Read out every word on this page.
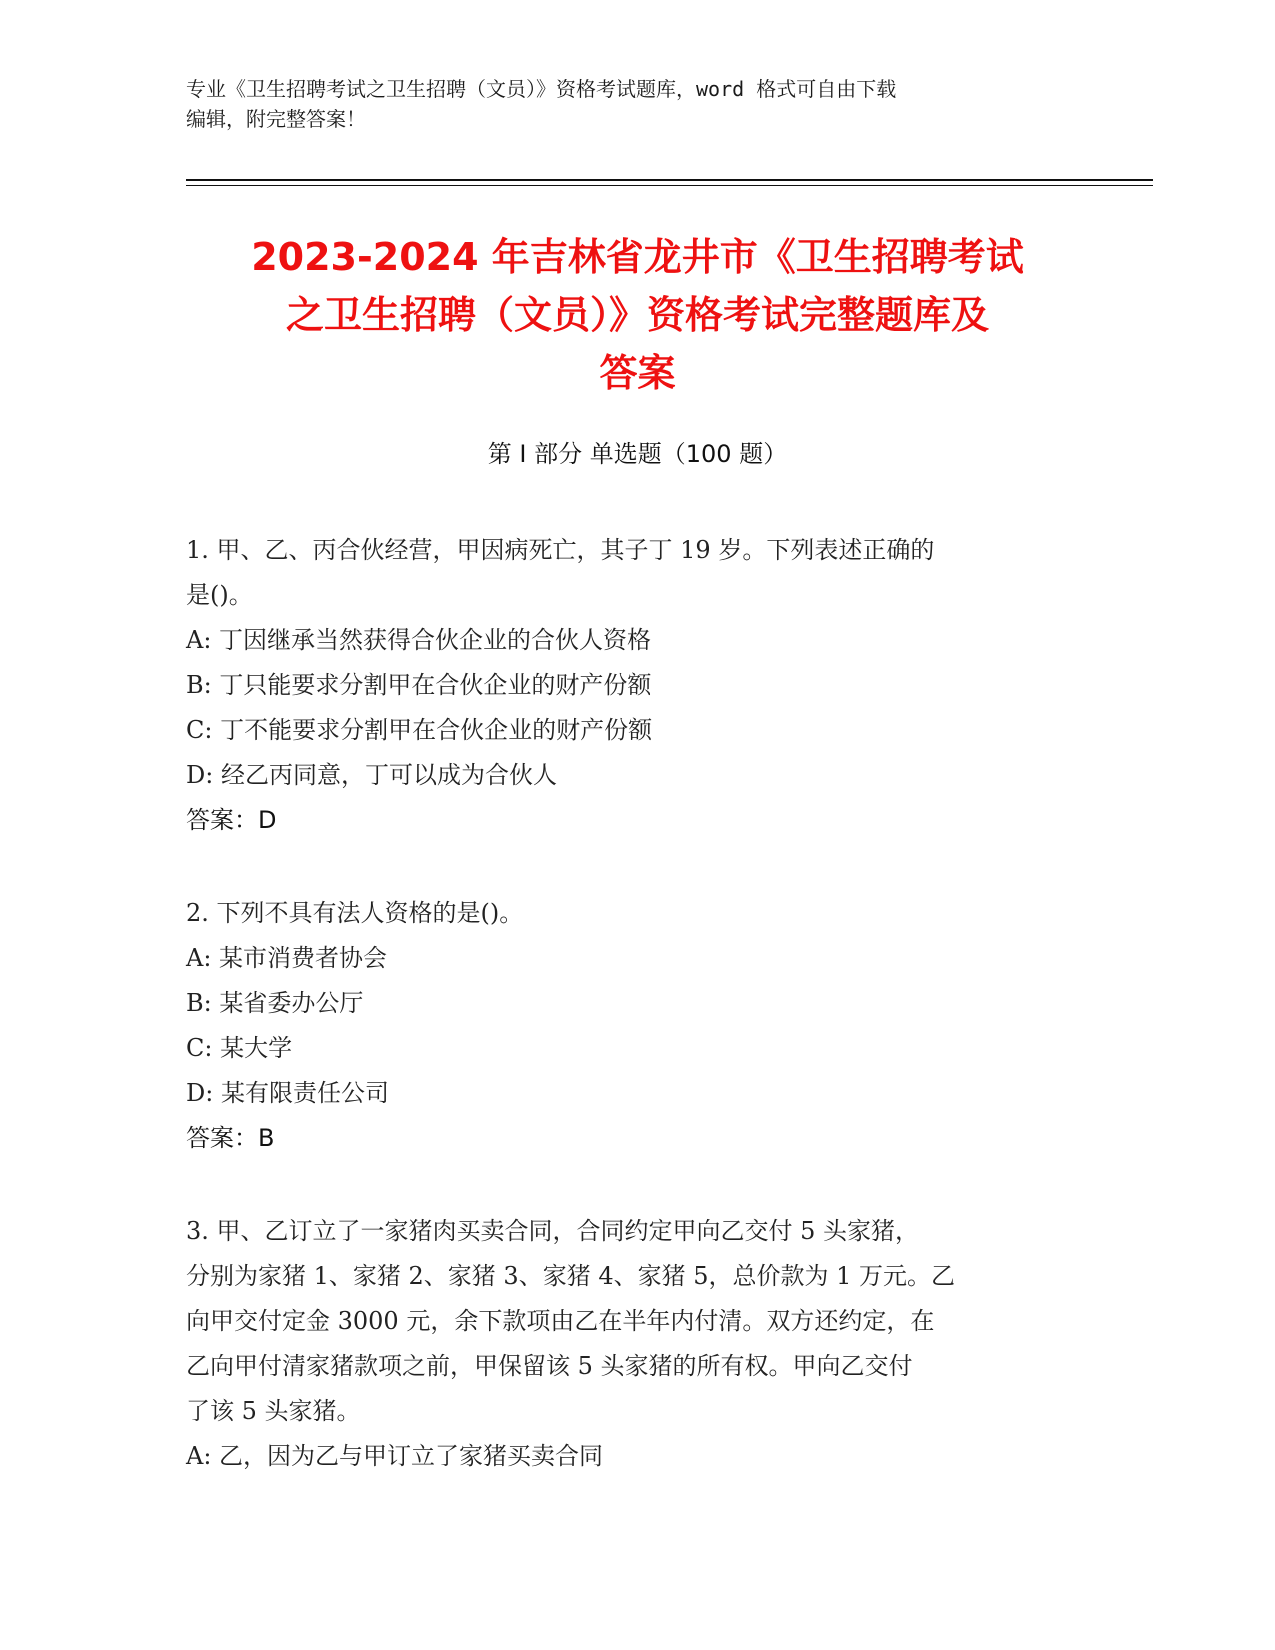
专业《卫生招聘考试之卫生招聘（文员）》资格考试题库，word 格式可自由下载
编辑，附完整答案！
2023-2024 年吉林省龙井市《卫生招聘考试
之卫生招聘（文员）》资格考试完整题库及
答案
第 I 部分 单选题（100 题）
1. 甲、乙、丙合伙经营，甲因病死亡，其子丁 19 岁。下列表述正确的
是()。
A: 丁因继承当然获得合伙企业的合伙人资格
B: 丁只能要求分割甲在合伙企业的财产份额
C: 丁不能要求分割甲在合伙企业的财产份额
D: 经乙丙同意，丁可以成为合伙人
答案：D
2. 下列不具有法人资格的是()。
A: 某市消费者协会
B: 某省委办公厅
C: 某大学
D: 某有限责任公司
答案：B
3. 甲、乙订立了一家猪肉买卖合同，合同约定甲向乙交付 5 头家猪，
分别为家猪 1、家猪 2、家猪 3、家猪 4、家猪 5，总价款为 1 万元。乙
向甲交付定金 3000 元，余下款项由乙在半年内付清。双方还约定，在
乙向甲付清家猪款项之前，甲保留该 5 头家猪的所有权。甲向乙交付
了该 5 头家猪。
A: 乙，因为乙与甲订立了家猪买卖合同
